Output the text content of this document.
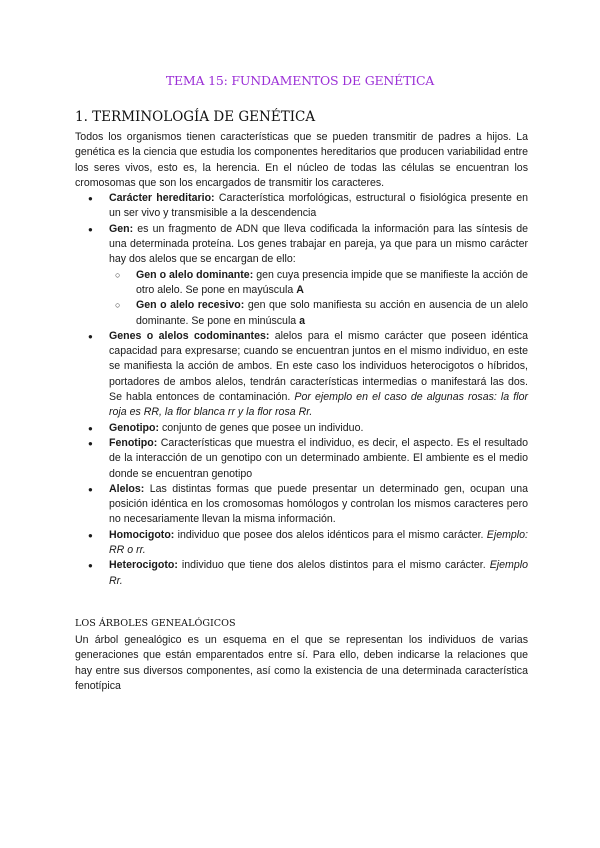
TEMA 15: FUNDAMENTOS DE GENÉTICA
1. TERMINOLOGÍA DE GENÉTICA

Todos los organismos tienen características que se pueden transmitir de padres a hijos. La genética es la ciencia que estudia los componentes hereditarios que producen variabilidad entre los seres vivos, esto es, la herencia. En el núcleo de todas las células se encuentran los cromosomas que son los encargados de transmitir los caracteres.

● Carácter hereditario: Característica morfológicas, estructural o fisiológica presente en un ser vivo y transmisible a la descendencia
● Gen: es un fragmento de ADN que lleva codificada la información para las síntesis de una determinada proteína. Los genes trabajar en pareja, ya que para un mismo carácter hay dos alelos que se encargan de ello:
○ Gen o alelo dominante: gen cuya presencia impide que se manifieste la acción de otro alelo. Se pone en mayúscula A
○ Gen o alelo recesivo: gen que solo manifiesta su acción en ausencia de un alelo dominante. Se pone en minúscula a
● Genes o alelos codominantes: alelos para el mismo carácter que poseen idéntica capacidad para expresarse; cuando se encuentran juntos en el mismo individuo, en este se manifiesta la acción de ambos. En este caso los individuos heterocigotos o híbridos, portadores de ambos alelos, tendrán características intermedias o manifestará las dos. Se habla entonces de contaminación. Por ejemplo en el caso de algunas rosas: la flor roja es RR, la flor blanca rr y la flor rosa Rr.
● Genotipo: conjunto de genes que posee un individuo.
● Fenotipo: Características que muestra el individuo, es decir, el aspecto. Es el resultado de la interacción de un genotipo con un determinado ambiente. El ambiente es el medio donde se encuentran genotipo
● Alelos: Las distintas formas que puede presentar un determinado gen, ocupan una posición idéntica en los cromosomas homólogos y controlan los mismos caracteres pero no necesariamente llevan la misma información.
● Homocigoto: individuo que posee dos alelos idénticos para el mismo carácter. Ejemplo: RR o rr.
● Heterocigoto: individuo que tiene dos alelos distintos para el mismo carácter. Ejemplo Rr.
LOS ÁRBOLES GENEALÓGICOS

Un árbol genealógico es un esquema en el que se representan los individuos de varias generaciones que están emparentados entre sí. Para ello, deben indicarse la relaciones que hay entre sus diversos componentes, así como la existencia de una determinada característica fenotípica
